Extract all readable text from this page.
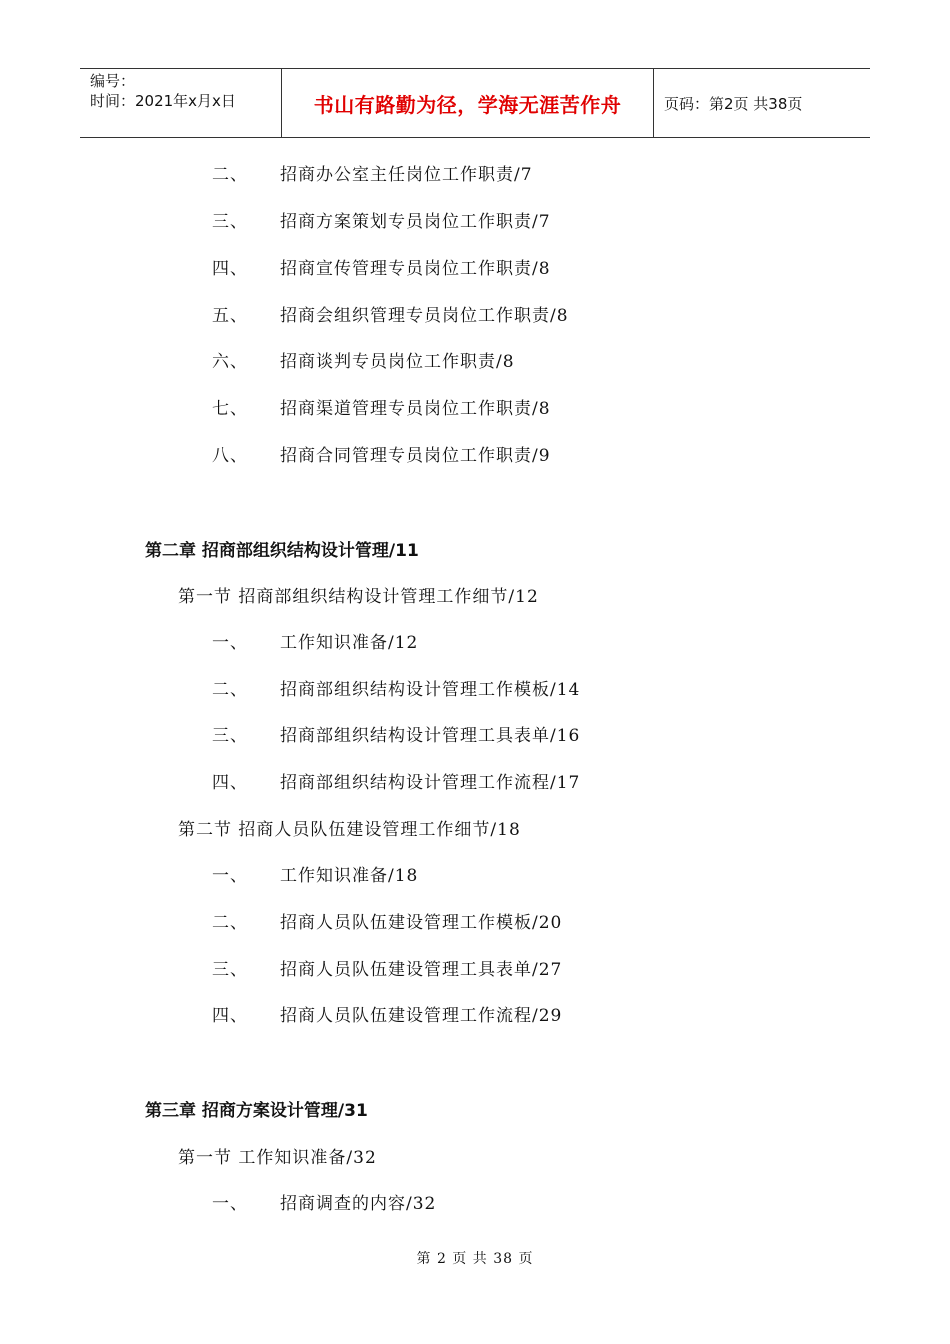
编号：
时间：2021年x月x日	书山有路勤为径，学海无涯苦作舟	页码：第2页 共38页
二、 招商办公室主任岗位工作职责/7
三、 招商方案策划专员岗位工作职责/7
四、 招商宣传管理专员岗位工作职责/8
五、 招商会组织管理专员岗位工作职责/8
六、 招商谈判专员岗位工作职责/8
七、 招商渠道管理专员岗位工作职责/8
八、 招商合同管理专员岗位工作职责/9
第二章 招商部组织结构设计管理/11
第一节 招商部组织结构设计管理工作细节/12
一、 工作知识准备/12
二、 招商部组织结构设计管理工作模板/14
三、 招商部组织结构设计管理工具表单/16
四、 招商部组织结构设计管理工作流程/17
第二节 招商人员队伍建设管理工作细节/18
一、 工作知识准备/18
二、 招商人员队伍建设管理工作模板/20
三、 招商人员队伍建设管理工具表单/27
四、 招商人员队伍建设管理工作流程/29
第三章 招商方案设计管理/31
第一节 工作知识准备/32
一、 招商调查的内容/32
第 2 页 共 38 页
